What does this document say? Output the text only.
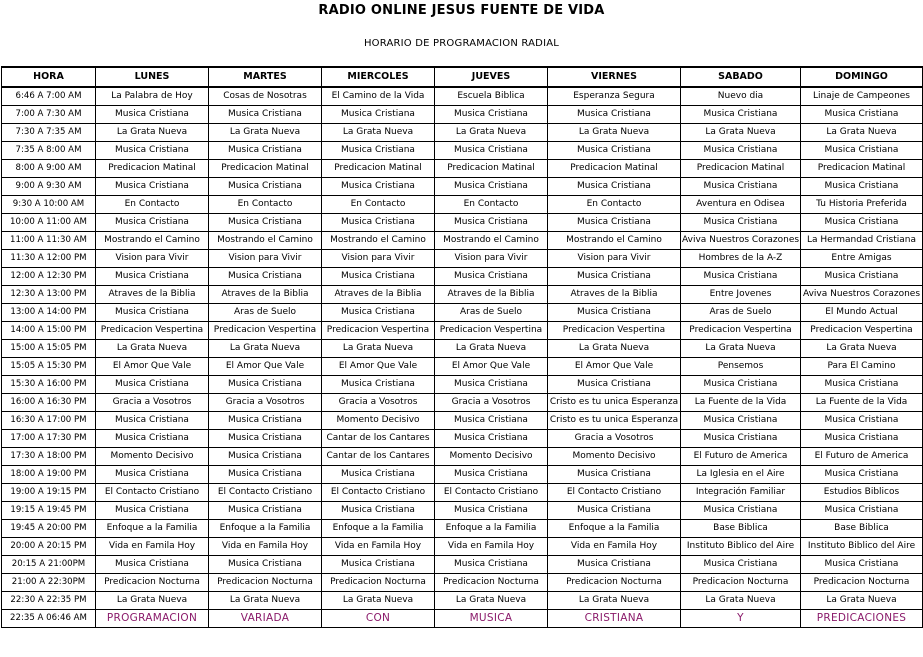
RADIO ONLINE JESUS FUENTE DE VIDA
HORARIO DE PROGRAMACION RADIAL
HORA	LUNES	MARTES	MIERCOLES	JUEVES	VIERNES	SABADO	DOMINGO
6:46 A 7:00 AM	La Palabra de Hoy	Cosas de Nosotras	El Camino de la Vida	Escuela Biblica	Esperanza Segura	Nuevo dia	Linaje de Campeones
7:00 A 7:30 AM	Musica Cristiana	Musica Cristiana	Musica Cristiana	Musica Cristiana	Musica Cristiana	Musica Cristiana	Musica Cristiana
7:30 A 7:35 AM	La Grata Nueva	La Grata Nueva	La Grata Nueva	La Grata Nueva	La Grata Nueva	La Grata Nueva	La Grata Nueva
7:35 A 8:00 AM	Musica Cristiana	Musica Cristiana	Musica Cristiana	Musica Cristiana	Musica Cristiana	Musica Cristiana	Musica Cristiana
8:00 A 9:00 AM	Predicacion Matinal	Predicacion Matinal	Predicacion Matinal	Predicacion Matinal	Predicacion Matinal	Predicacion Matinal	Predicacion Matinal
9:00 A 9:30 AM	Musica Cristiana	Musica Cristiana	Musica Cristiana	Musica Cristiana	Musica Cristiana	Musica Cristiana	Musica Cristiana
9:30 A 10:00 AM	En Contacto	En Contacto	En Contacto	En Contacto	En Contacto	Aventura en Odisea	Tu Historia Preferida
10:00 A 11:00 AM	Musica Cristiana	Musica Cristiana	Musica Cristiana	Musica Cristiana	Musica Cristiana	Musica Cristiana	Musica Cristiana
11:00 A 11:30 AM	Mostrando el Camino	Mostrando el Camino	Mostrando el Camino	Mostrando el Camino	Mostrando el Camino	Aviva Nuestros Corazones	La Hermandad Cristiana
11:30 A 12:00 PM	Vision para Vivir	Vision para Vivir	Vision para Vivir	Vision para Vivir	Vision para Vivir	Hombres de la A-Z	Entre Amigas
12:00 A 12:30 PM	Musica Cristiana	Musica Cristiana	Musica Cristiana	Musica Cristiana	Musica Cristiana	Musica Cristiana	Musica Cristiana
12:30 A 13:00 PM	Atraves de la Biblia	Atraves de la Biblia	Atraves de la Biblia	Atraves de la Biblia	Atraves de la Biblia	Entre Jovenes	Aviva Nuestros Corazones
13:00 A 14:00 PM	Musica Cristiana	Aras de Suelo	Musica Cristiana	Aras de Suelo	Musica Cristiana	Aras de Suelo	El Mundo Actual
14:00 A 15:00 PM	Predicacion Vespertina	Predicacion Vespertina	Predicacion Vespertina	Predicacion Vespertina	Predicacion Vespertina	Predicacion Vespertina	Predicacion Vespertina
15:00 A 15:05 PM	La Grata Nueva	La Grata Nueva	La Grata Nueva	La Grata Nueva	La Grata Nueva	La Grata Nueva	La Grata Nueva
15:05 A 15:30 PM	El Amor Que Vale	El Amor Que Vale	El Amor Que Vale	El Amor Que Vale	El Amor Que Vale	Pensemos	Para El Camino
15:30 A 16:00 PM	Musica Cristiana	Musica Cristiana	Musica Cristiana	Musica Cristiana	Musica Cristiana	Musica Cristiana	Musica Cristiana
16:00 A 16:30 PM	Gracia a Vosotros	Gracia a Vosotros	Gracia a Vosotros	Gracia a Vosotros	Cristo es tu unica Esperanza	La Fuente de la Vida	La Fuente de la Vida
16:30 A 17:00 PM	Musica Cristiana	Musica Cristiana	Momento Decisivo	Musica Cristiana	Cristo es tu unica Esperanza	Musica Cristiana	Musica Cristiana
17:00 A 17:30 PM	Musica Cristiana	Musica Cristiana	Cantar de los Cantares	Musica Cristiana	Gracia a Vosotros	Musica Cristiana	Musica Cristiana
17:30 A 18:00 PM	Momento Decisivo	Musica Cristiana	Cantar de los Cantares	Momento Decisivo	Momento Decisivo	El Futuro de America	El Futuro de America
18:00 A 19:00 PM	Musica Cristiana	Musica Cristiana	Musica Cristiana	Musica Cristiana	Musica Cristiana	La Iglesia en el Aire	Musica Cristiana
19:00 A 19:15 PM	El Contacto Cristiano	El Contacto Cristiano	El Contacto Cristiano	El Contacto Cristiano	El Contacto Cristiano	Integración Familiar	Estudios Biblicos
19:15 A 19:45 PM	Musica Cristiana	Musica Cristiana	Musica Cristiana	Musica Cristiana	Musica Cristiana	Musica Cristiana	Musica Cristiana
19:45 A 20:00 PM	Enfoque a la Familia	Enfoque a la Familia	Enfoque a la Familia	Enfoque a la Familia	Enfoque a la Familia	Base Biblica	Base Biblica
20:00 A 20:15 PM	Vida en Famila Hoy	Vida en Famila Hoy	Vida en Famila Hoy	Vida en Famila Hoy	Vida en Famila Hoy	Instituto Biblico del Aire	Instituto Biblico del Aire
20:15 A 21:00PM	Musica Cristiana	Musica Cristiana	Musica Cristiana	Musica Cristiana	Musica Cristiana	Musica Cristiana	Musica Cristiana
21:00 A 22:30PM	Predicacion Nocturna	Predicacion Nocturna	Predicacion Nocturna	Predicacion Nocturna	Predicacion Nocturna	Predicacion Nocturna	Predicacion Nocturna
22:30 A 22:35 PM	La Grata Nueva	La Grata Nueva	La Grata Nueva	La Grata Nueva	La Grata Nueva	La Grata Nueva	La Grata Nueva
22:35 A 06:46 AM	PROGRAMACION	VARIADA	CON	MUSICA	CRISTIANA	Y	PREDICACIONES
